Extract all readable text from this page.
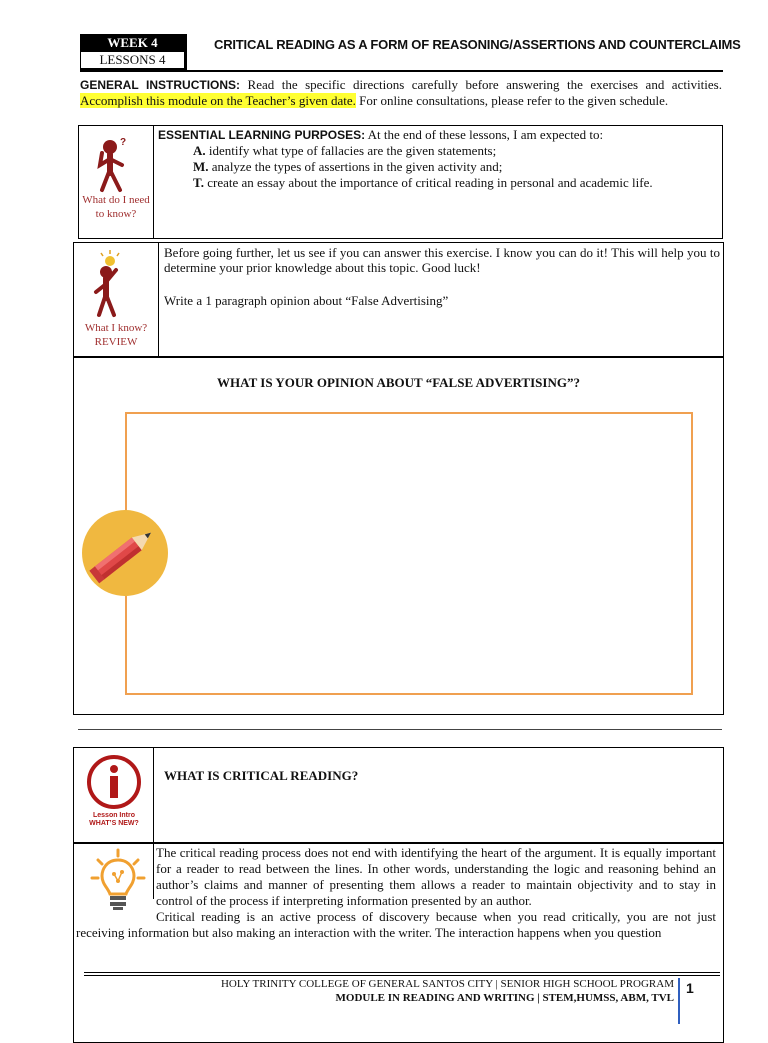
WEEK 4
LESSONS 4
CRITICAL READING AS A FORM OF REASONING/ASSERTIONS AND COUNTERCLAIMS
GENERAL INSTRUCTIONS: Read the specific directions carefully before answering the exercises and activities. Accomplish this module on the Teacher’s given date. For online consultations, please refer to the given schedule.
?
What do I need to know?
ESSENTIAL LEARNING PURPOSES: At the end of these lessons, I am expected to:
A. identify what type of fallacies are the given statements;
M. analyze the types of assertions in the given activity and;
T. create an essay about the importance of critical reading in personal and academic life.
What I know?
REVIEW
Before going further, let us see if you can answer this exercise. I know you can do it! This will help you to determine your prior knowledge about this topic. Good luck!
Write a 1 paragraph opinion about “False Advertising”
WHAT IS YOUR OPINION ABOUT “FALSE ADVERTISING”?
Lesson Intro
WHAT’S NEW?
WHAT IS CRITICAL READING?
The critical reading process does not end with identifying the heart of the argument. It is equally important for a reader to read between the lines. In other words, understanding the logic and reasoning behind an author’s claims and manner of presenting them allows a reader to maintain objectivity and to stay in control of the process if interpreting information presented by an author.
Critical reading is an active process of discovery because when you read critically, you are not just receiving information but also making an interaction with the writer. The interaction happens when you question
HOLY TRINITY COLLEGE OF GENERAL SANTOS CITY | SENIOR HIGH SCHOOL PROGRAM
MODULE IN READING AND WRITING | STEM,HUMSS, ABM, TVL
1
